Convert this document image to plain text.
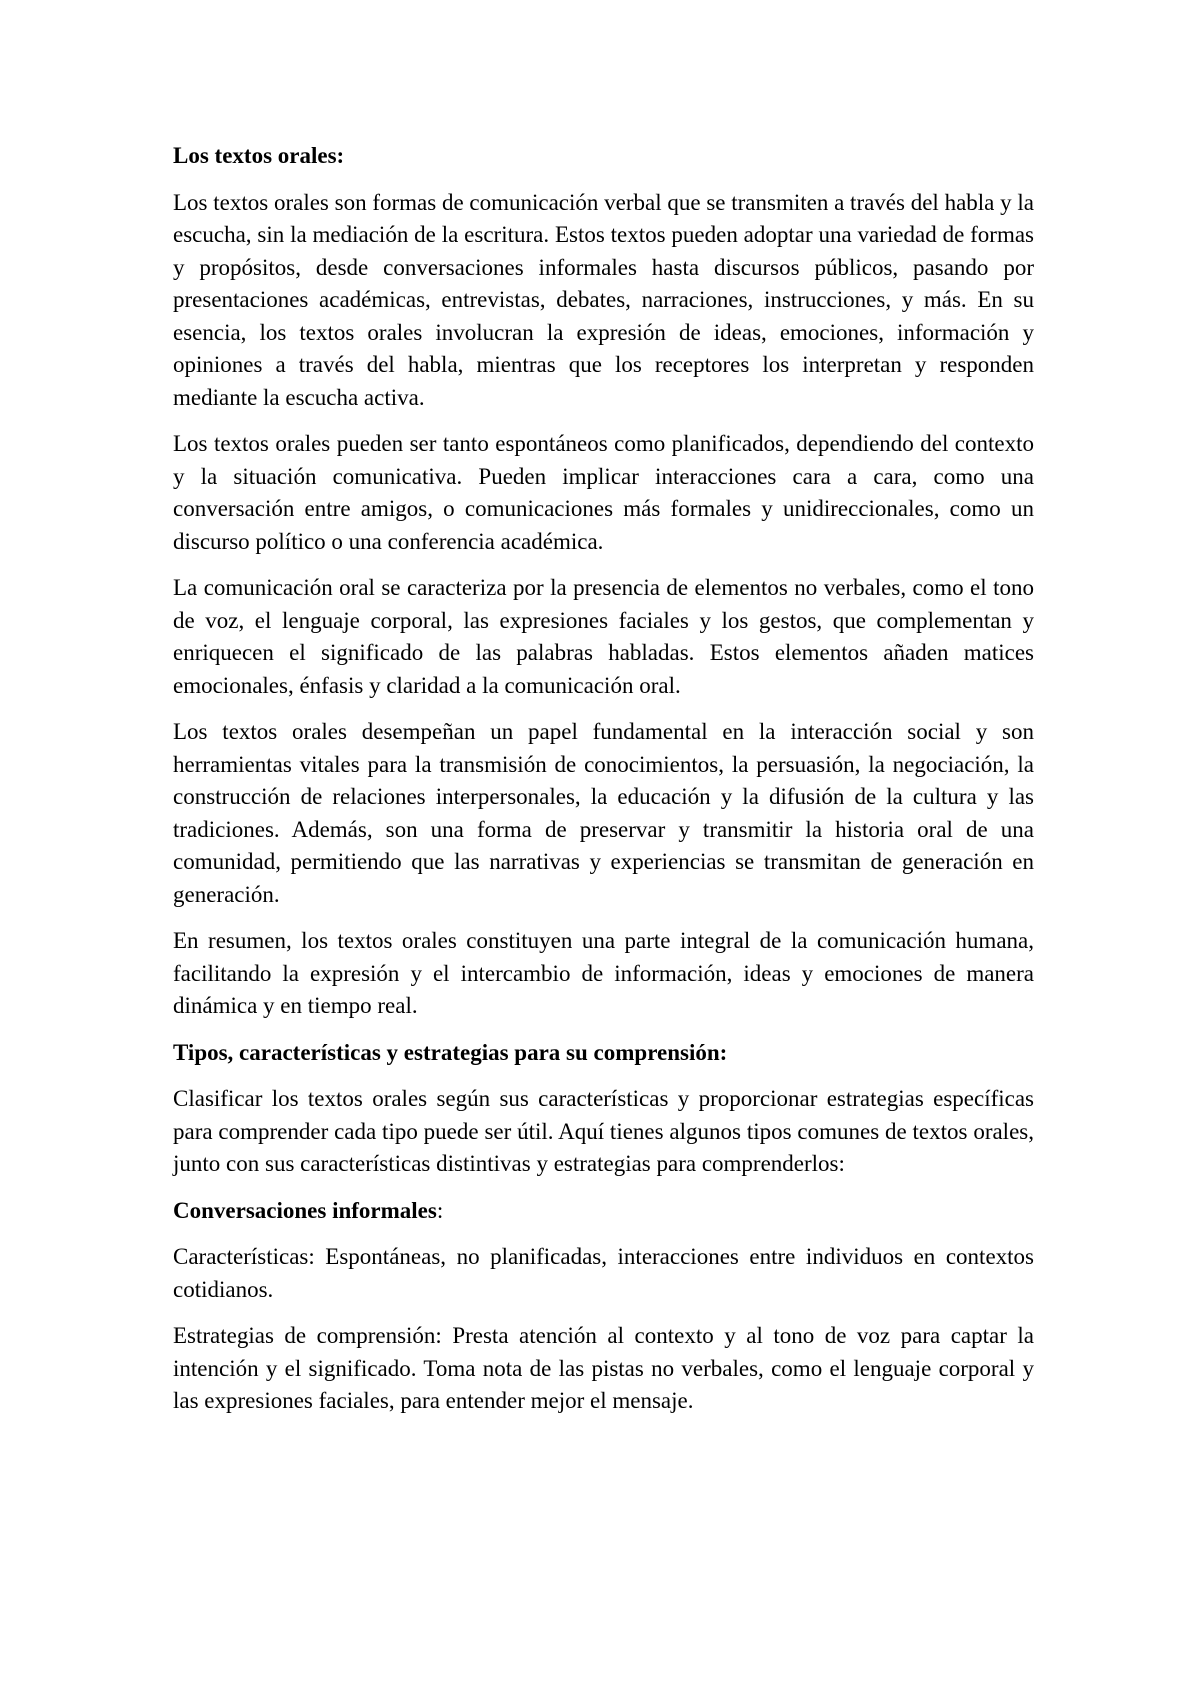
Los textos orales:

Los textos orales son formas de comunicación verbal que se transmiten a través del habla y la escucha, sin la mediación de la escritura. Estos textos pueden adoptar una variedad de formas y propósitos, desde conversaciones informales hasta discursos públicos, pasando por presentaciones académicas, entrevistas, debates, narraciones, instrucciones, y más. En su esencia, los textos orales involucran la expresión de ideas, emociones, información y opiniones a través del habla, mientras que los receptores los interpretan y responden mediante la escucha activa.

Los textos orales pueden ser tanto espontáneos como planificados, dependiendo del contexto y la situación comunicativa. Pueden implicar interacciones cara a cara, como una conversación entre amigos, o comunicaciones más formales y unidireccionales, como un discurso político o una conferencia académica.

La comunicación oral se caracteriza por la presencia de elementos no verbales, como el tono de voz, el lenguaje corporal, las expresiones faciales y los gestos, que complementan y enriquecen el significado de las palabras habladas. Estos elementos añaden matices emocionales, énfasis y claridad a la comunicación oral.

Los textos orales desempeñan un papel fundamental en la interacción social y son herramientas vitales para la transmisión de conocimientos, la persuasión, la negociación, la construcción de relaciones interpersonales, la educación y la difusión de la cultura y las tradiciones. Además, son una forma de preservar y transmitir la historia oral de una comunidad, permitiendo que las narrativas y experiencias se transmitan de generación en generación.

En resumen, los textos orales constituyen una parte integral de la comunicación humana, facilitando la expresión y el intercambio de información, ideas y emociones de manera dinámica y en tiempo real.

Tipos, características y estrategias para su comprensión:

Clasificar los textos orales según sus características y proporcionar estrategias específicas para comprender cada tipo puede ser útil. Aquí tienes algunos tipos comunes de textos orales, junto con sus características distintivas y estrategias para comprenderlos:

Conversaciones informales:

Características: Espontáneas, no planificadas, interacciones entre individuos en contextos cotidianos.

Estrategias de comprensión: Presta atención al contexto y al tono de voz para captar la intención y el significado. Toma nota de las pistas no verbales, como el lenguaje corporal y las expresiones faciales, para entender mejor el mensaje.
